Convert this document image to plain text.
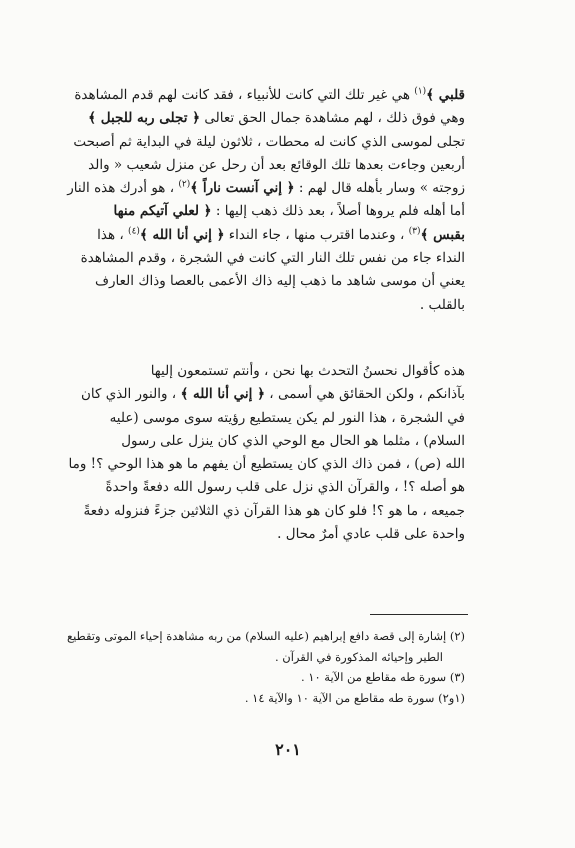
قلبي ﴾$^{(١)}$ هي غير تلك التي كانت للأنبياء ، فقد كانت لهم قدم المشاهدة
وهي فوق ذلك ، لهم مشاهدة جمال الحق تعالى ﴿ تجلى ربه للجبل ﴾
تجلى لموسى الذي كانت له محطات ، ثلاثون ليلة في البداية ثم أصبحت
أربعين وجاءت بعدها تلك الوقائع بعد أن رحل عن منزل شعيب « والد
زوجته » وسار بأهله قال لهم : ﴿ إني آنست ناراً ﴾$^{(٢)}$ ، هو أدرك هذه النار
أما أهله فلم يروها أصلاً ، بعد ذلك ذهب إليها : ﴿ لعلي آتيكم منها
بقبس ﴾$^{(٣)}$ ، وعندما اقترب منها ، جاء النداء ﴿ إني أنا الله ﴾$^{(٤)}$ ، هذا
النداء جاء من نفس تلك النار التي كانت في الشجرة ، وقدم المشاهدة
يعني أن موسى شاهد ما ذهب إليه ذاك الأعمى بالعصا وذاك العارف
بالقلب .
هذه كأقوال نحسنُ التحدث بها نحن ، وأنتم تستمعون إليها
بآذانكم ، ولكن الحقائق هي أسمى ، ﴿ إني أنا الله ﴾ ، والنور الذي كان
في الشجرة ، هذا النور لم يكن يستطيع رؤيته سوى موسى (عليه
السلام) ، مثلما هو الحال مع الوحي الذي كان ينزل على رسول
الله (ص) ، فمن ذاك الذي كان يستطيع أن يفهم ما هو هذا الوحي ؟! وما
هو أصله ؟! ، والقرآن الذي نزل على قلب رسول الله دفعةً واحدةً
جميعه ، ما هو ؟! فلو كان هو هذا القرآن ذي الثلاثين جزءً فنزوله دفعةً
واحدة على قلب عادي أمرٌ محال .
(٢) إشارة إلى قصة دافع إبراهيم (عليه السلام) من ربه مشاهدة إحياء الموتى وتقطيع
الطير وإحيائه المذكورة في القرآن .
(٣) سورة طه مقاطع من الآية ١٠ .
(١و٢) سورة طه مقاطع من الآية ١٠ والآية ١٤ .
٢٠١
